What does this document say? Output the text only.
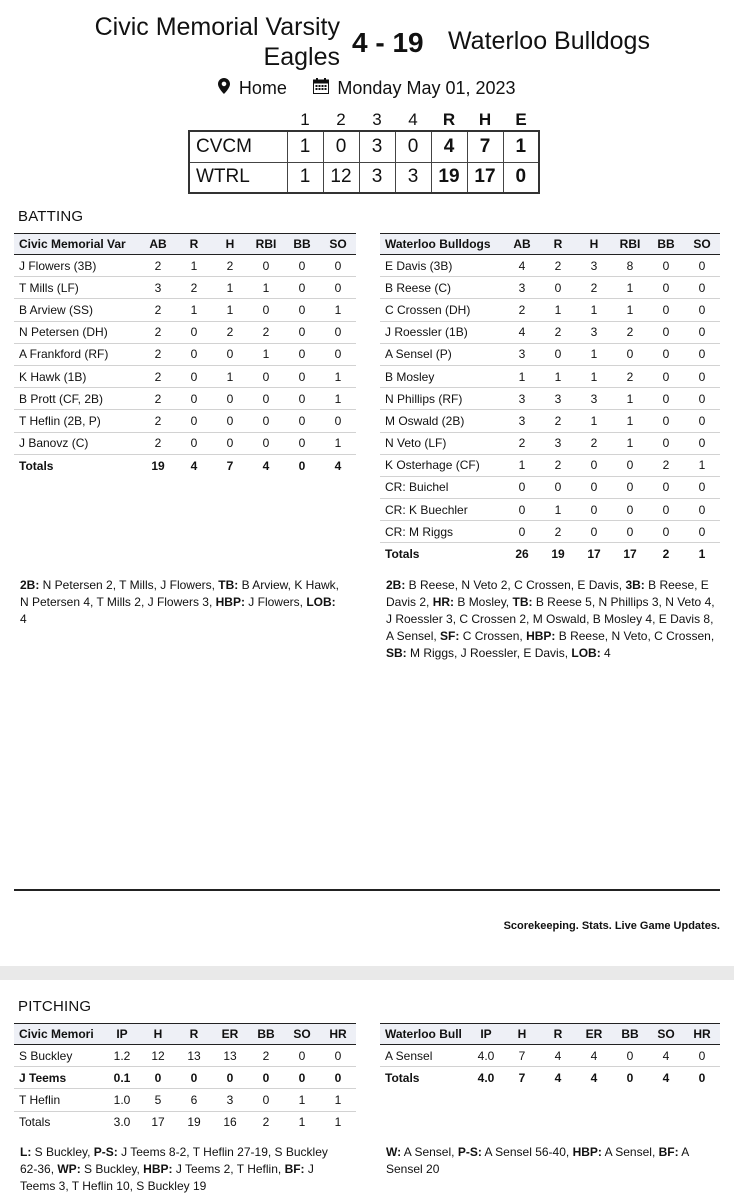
Civic Memorial Varsity Eagles 4 - 19 Waterloo Bulldogs
Home	Monday May 01, 2023
	1	2	3	4	R	H	E
CVCM	1	0	3	0	4	7	1
WTRL	1	12	3	3	19	17	0
BATTING
Civic Memorial Var	AB	R	H	RBI	BB	SO
J Flowers (3B)	2	1	2	0	0	0
T Mills (LF)	3	2	1	1	0	0
B Arview (SS)	2	1	1	0	0	1
N Petersen (DH)	2	0	2	2	0	0
A Frankford (RF)	2	0	0	1	0	0
K Hawk (1B)	2	0	1	0	0	1
B Prott (CF, 2B)	2	0	0	0	0	1
T Heflin (2B, P)	2	0	0	0	0	0
J Banovz (C)	2	0	0	0	0	1
Totals	19	4	7	4	0	4
Waterloo Bulldogs	AB	R	H	RBI	BB	SO
E Davis (3B)	4	2	3	8	0	0
B Reese (C)	3	0	2	1	0	0
C Crossen (DH)	2	1	1	1	0	0
J Roessler (1B)	4	2	3	2	0	0
A Sensel (P)	3	0	1	0	0	0
B Mosley	1	1	1	2	0	0
N Phillips (RF)	3	3	3	1	0	0
M Oswald (2B)	3	2	1	1	0	0
N Veto (LF)	2	3	2	1	0	0
K Osterhage (CF)	1	2	0	0	2	1
CR: Buichel	0	0	0	0	0	0
CR: K Buechler	0	1	0	0	0	0
CR: M Riggs	0	2	0	0	0	0
Totals	26	19	17	17	2	1
2B: N Petersen 2, T Mills, J Flowers, TB: B Arview, K Hawk, N Petersen 4, T Mills 2, J Flowers 3, HBP: J Flowers, LOB: 4
2B: B Reese, N Veto 2, C Crossen, E Davis, 3B: B Reese, E Davis 2, HR: B Mosley, TB: B Reese 5, N Phillips 3, N Veto 4, J Roessler 3, C Crossen 2, M Oswald, B Mosley 4, E Davis 8, A Sensel, SF: C Crossen, HBP: B Reese, N Veto, C Crossen, SB: M Riggs, J Roessler, E Davis, LOB: 4
Scorekeeping. Stats. Live Game Updates.
PITCHING
Civic Memori	IP	H	R	ER	BB	SO	HR
S Buckley	1.2	12	13	13	2	0	0
J Teems	0.1	0	0	0	0	0	0
T Heflin	1.0	5	6	3	0	1	1
Totals	3.0	17	19	16	2	1	1
Waterloo Bull	IP	H	R	ER	BB	SO	HR
A Sensel	4.0	7	4	4	0	4	0
Totals	4.0	7	4	4	0	4	0
L: S Buckley, P-S: J Teems 8-2, T Heflin 27-19, S Buckley 62-36, WP: S Buckley, HBP: J Teems 2, T Heflin, BF: J Teems 3, T Heflin 10, S Buckley 19
W: A Sensel, P-S: A Sensel 56-40, HBP: A Sensel, BF: A Sensel 20
